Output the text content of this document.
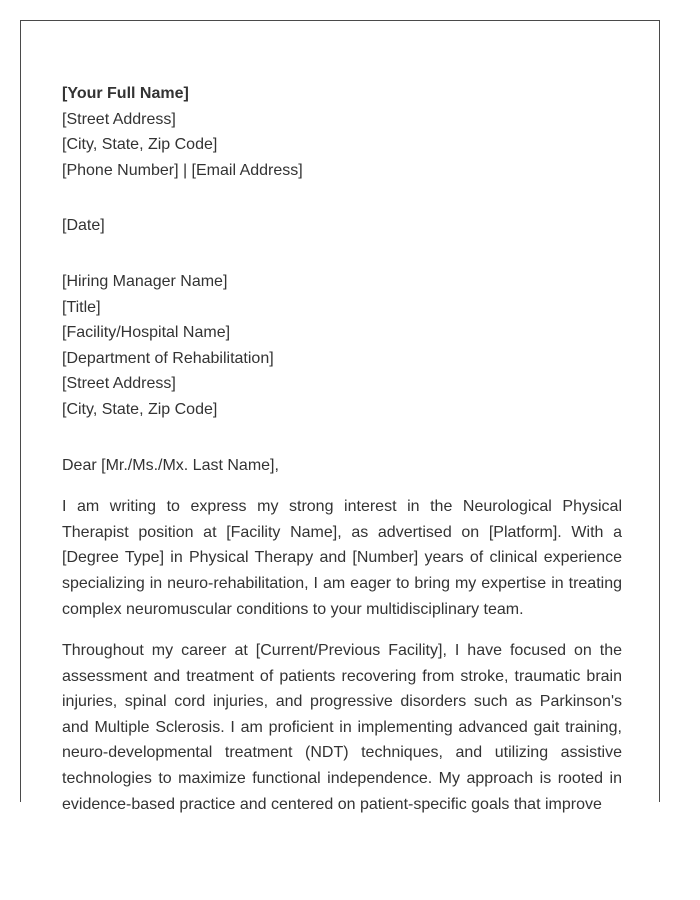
[Your Full Name]
[Street Address]
[City, State, Zip Code]
[Phone Number] | [Email Address]
[Date]
[Hiring Manager Name]
[Title]
[Facility/Hospital Name]
[Department of Rehabilitation]
[Street Address]
[City, State, Zip Code]
Dear [Mr./Ms./Mx. Last Name],

I am writing to express my strong interest in the Neurological Physical Therapist position at [Facility Name], as advertised on [Platform]. With a [Degree Type] in Physical Therapy and [Number] years of clinical experience specializing in neuro-rehabilitation, I am eager to bring my expertise in treating complex neuromuscular conditions to your multidisciplinary team.

Throughout my career at [Current/Previous Facility], I have focused on the assessment and treatment of patients recovering from stroke, traumatic brain injuries, spinal cord injuries, and progressive disorders such as Parkinson's and Multiple Sclerosis. I am proficient in implementing advanced gait training, neuro-developmental treatment (NDT) techniques, and utilizing assistive technologies to maximize functional independence. My approach is rooted in evidence-based practice and centered on patient-specific goals that improve
